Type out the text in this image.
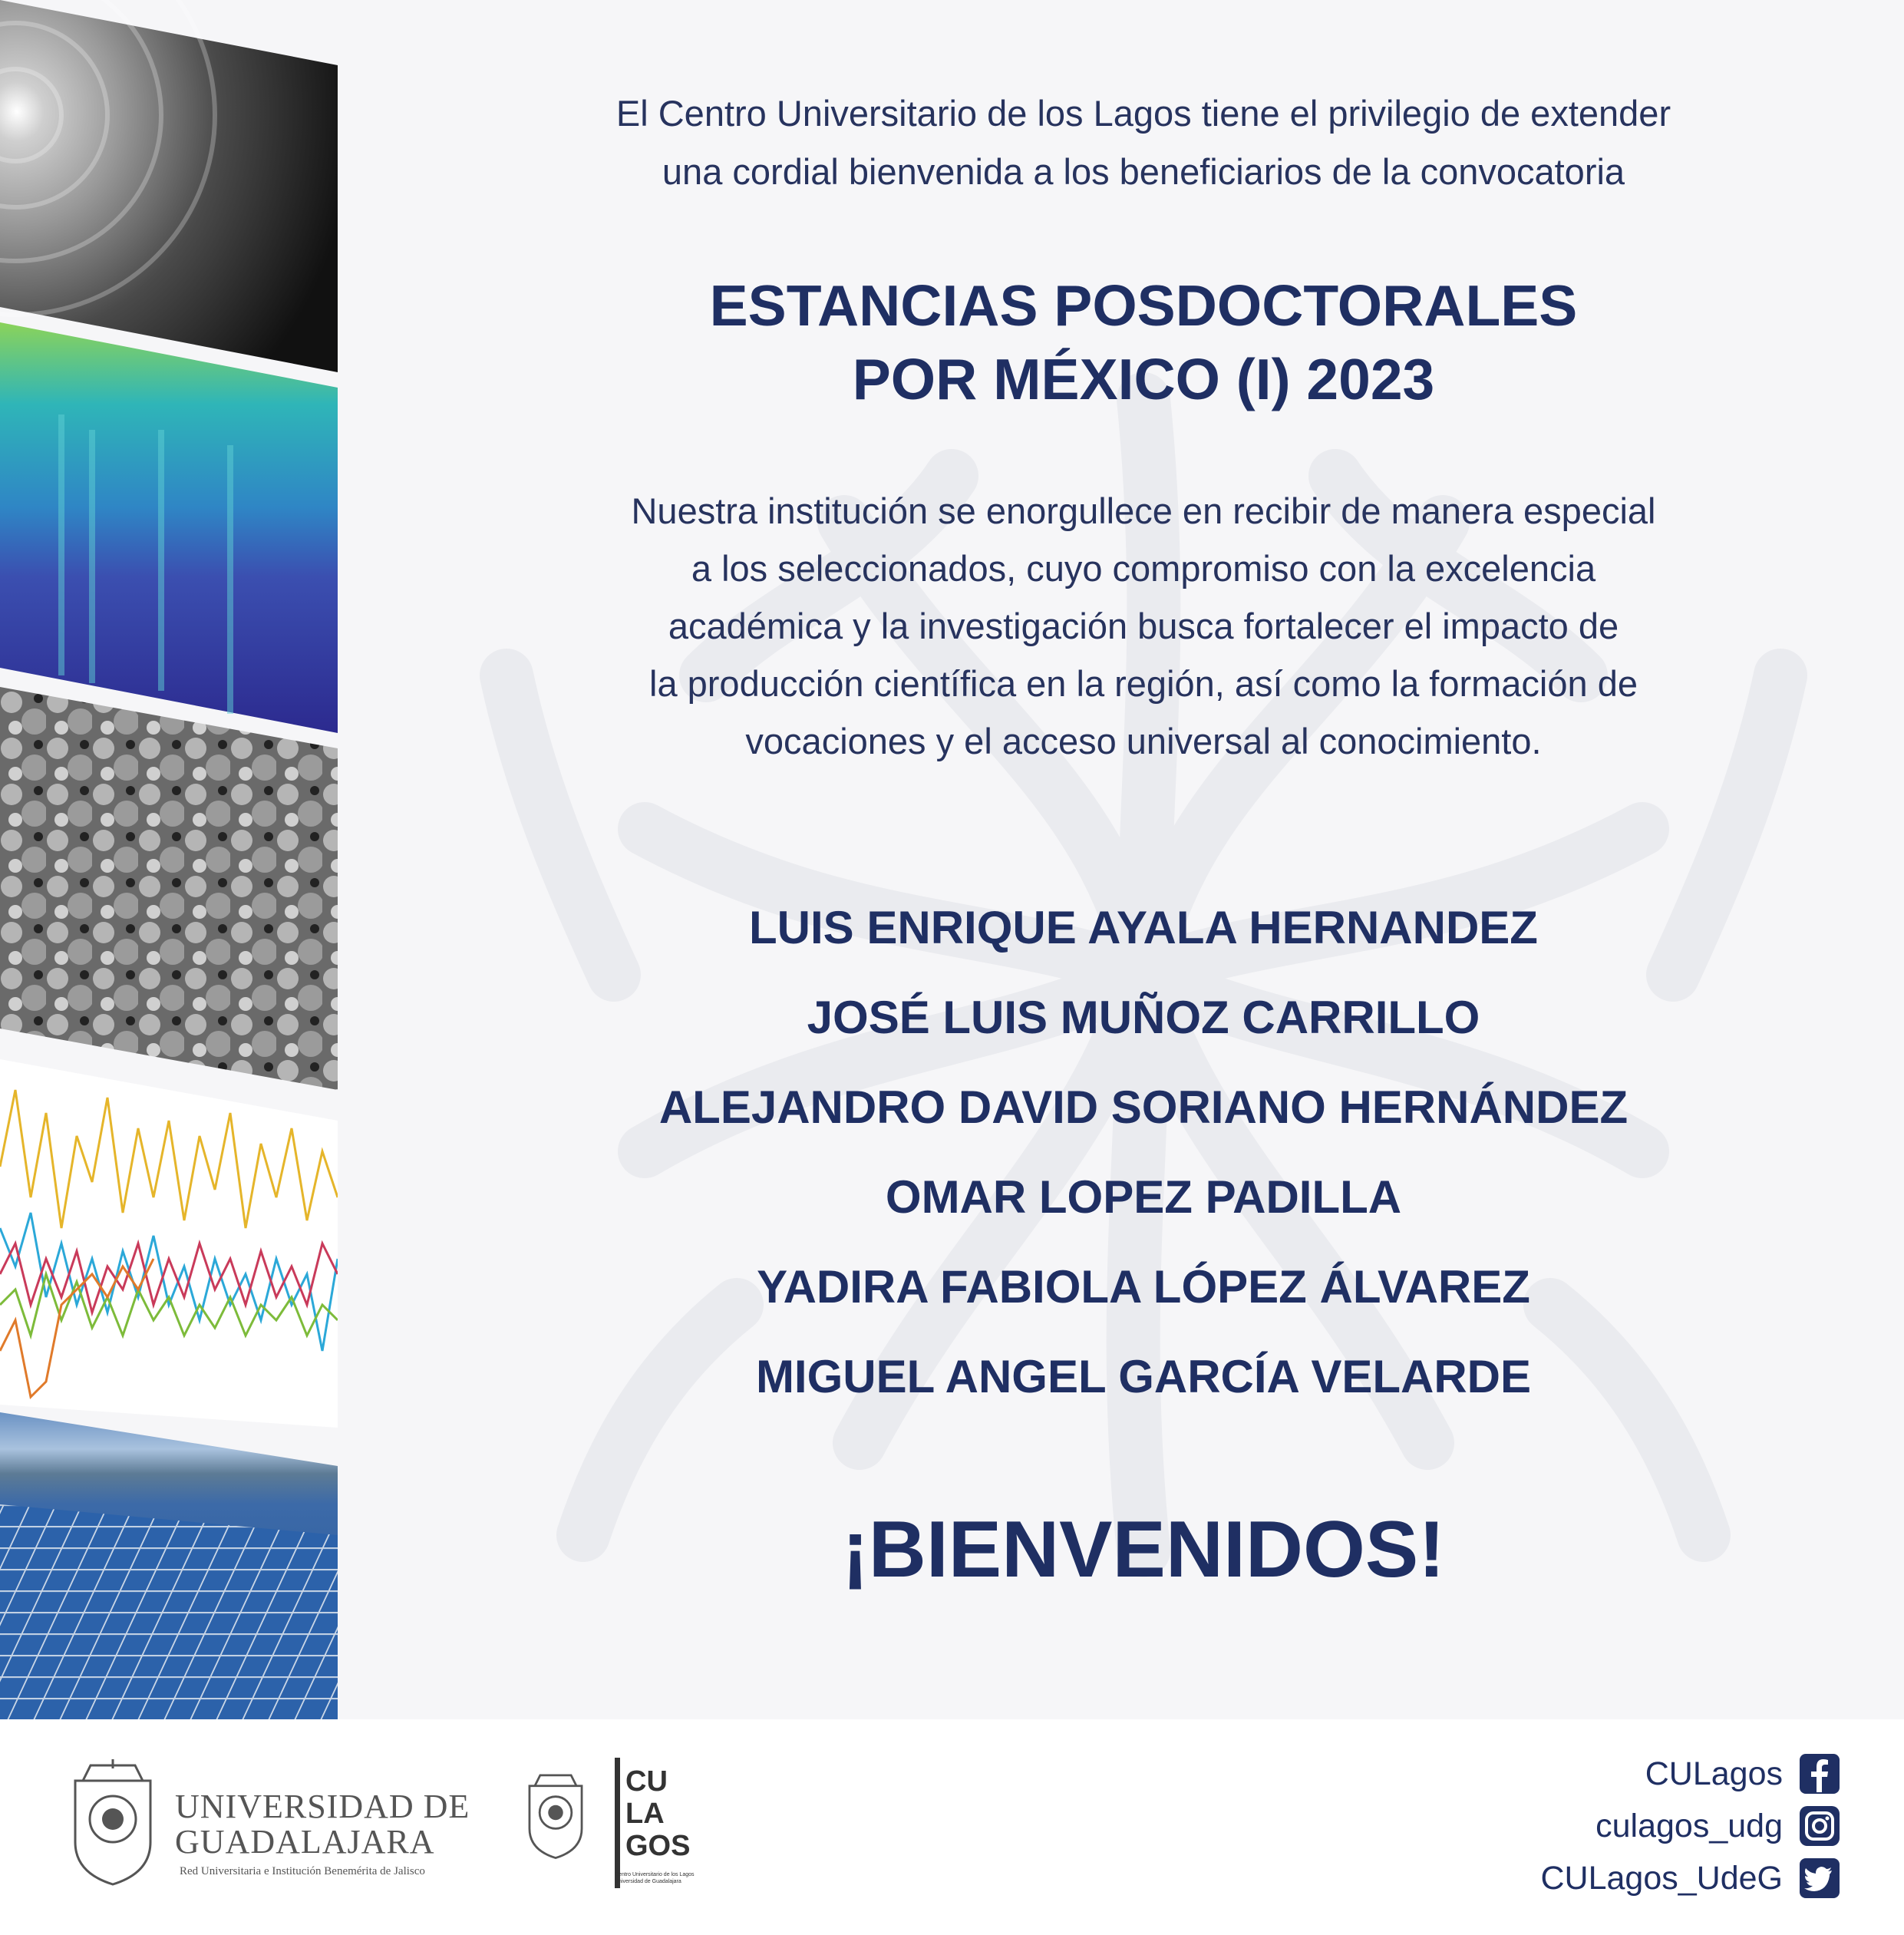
El Centro Universitario de los Lagos tiene el privilegio de extender
una cordial bienvenida a los beneficiarios de la convocatoria
ESTANCIAS POSDOCTORALES
POR MÉXICO (I) 2023
Nuestra institución se enorgullece en recibir de manera especial
a los seleccionados, cuyo compromiso con la excelencia
académica y la investigación busca fortalecer el impacto de
la producción científica en la región, así como la formación de
vocaciones y el acceso universal al conocimiento.
LUIS ENRIQUE AYALA HERNANDEZ
JOSÉ LUIS MUÑOZ CARRILLO
ALEJANDRO DAVID SORIANO HERNÁNDEZ
OMAR LOPEZ PADILLA
YADIRA FABIOLA LÓPEZ ÁLVAREZ
MIGUEL ANGEL GARCÍA VELARDE
¡BIENVENIDOS!
UNIVERSIDAD DE
GUADALAJARA
Red Universitaria e Institución Benemérita de Jalisco
CU
LA
GOS
Centro Universitario de los Lagos
Universidad de Guadalajara
CULagos
culagos_udg
CULagos_UdeG
